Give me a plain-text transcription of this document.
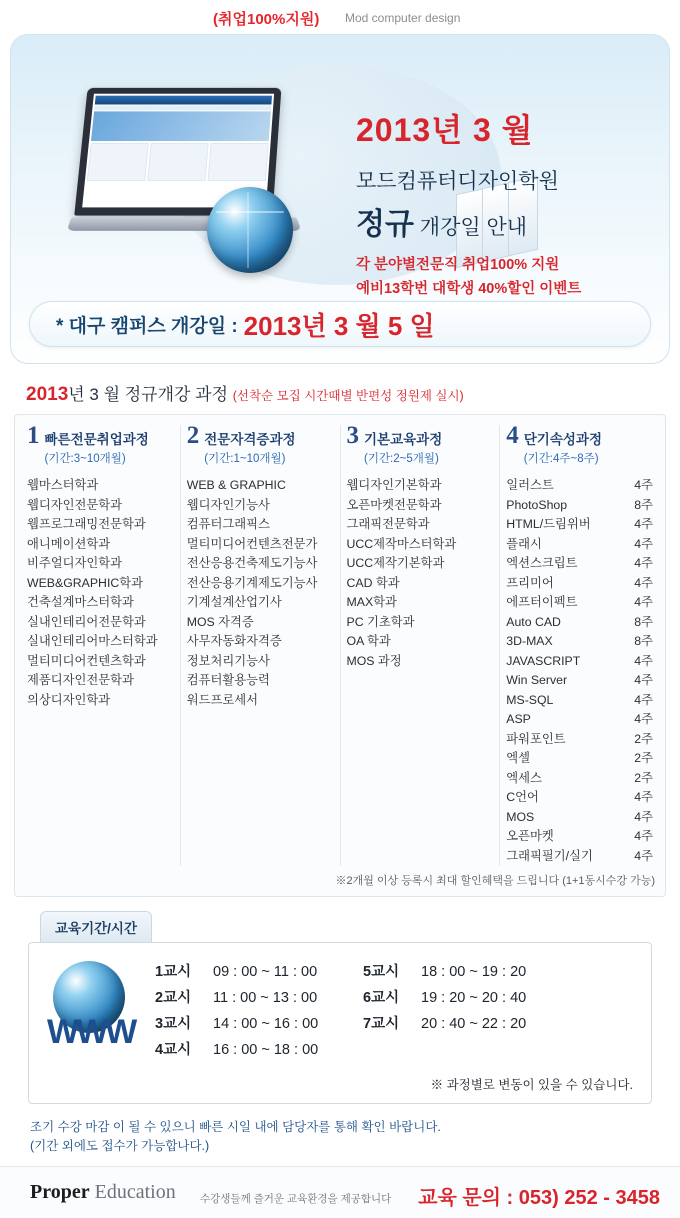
(취업100%지원) Mod computer design
2013년 3 월
모드컴퓨터디자인학원
정규 개강일 안내
각 분야별전문직 취업100% 지원
예비13학번 대학생 40%할인 이벤트
* 대구 캠퍼스 개강일 : 2013년 3 월 5 일
2013년 3 월 정규개강 과정 (선착순 모집 시간때별 반편성 정원제 실시)
1 빠른전문취업과정
(기간:3~10개월)
웹마스터학과
웹디자인전문학과
웹프로그래밍전문학과
애니메이션학과
비주얼디자인학과
WEB&GRAPHIC학과
건축설계마스터학과
실내인테리어전문학과
실내인테리어마스터학과
멀티미디어컨텐츠학과
제품디자인전문학과
의상디자인학과
2 전문자격증과정
(기간:1~10개월)
WEB & GRAPHIC
웹디자인기능사
컴퓨터그래픽스
멀티미디어컨텐츠전문가
전산응용건축제도기능사
전산응용기계제도기능사
기계설계산업기사
MOS 자격증
사무자동화자격증
정보처리기능사
컴퓨터활용능력
워드프로세서
3 기본교육과정
(기간:2~5개월)
웹디자인기본학과
오픈마켓전문학과
그래픽전문학과
UCC제작마스터학과
UCC제작기본학과
CAD 학과
MAX학과
PC 기초학과
OA 학과
MOS 과정
4 단기속성과정
(기간:4주~8주)
일러스트	4주
PhotoShop	8주
HTML/드림위버	4주
플래시	4주
엑션스크립트	4주
프리미어	4주
에프터이펙트	4주
Auto CAD	8주
3D-MAX	8주
JAVASCRIPT	4주
Win Server	4주
MS-SQL	4주
ASP	4주
파워포인트	2주
엑셀	2주
엑세스	2주
C언어	4주
MOS	4주
오픈마켓	4주
그래픽필기/실기	4주
※2개월 이상 등록시 최대 할인혜택을 드립니다 (1+1동시수강 가능)
교육기간/시간
WWW
1교시	09 : 00 ~ 11 : 00	5교시	18 : 00 ~ 19 : 20
2교시	11 : 00 ~ 13 : 00	6교시	19 : 20 ~ 20 : 40
3교시	14 : 00 ~ 16 : 00	7교시	20 : 40 ~ 22 : 20
4교시	16 : 00 ~ 18 : 00
※ 과정별로 변동이 있을 수 있습니다.
조기 수강 마감 이 될 수 있으니 빠른 시일 내에 담당자를 통해 확인 바랍니다.
(기간 외에도 접수가 가능합나다.)
Proper Education 수강생들께 즐거운 교육환경을 제공합니다 교육 문의 : 053) 252 - 3458
